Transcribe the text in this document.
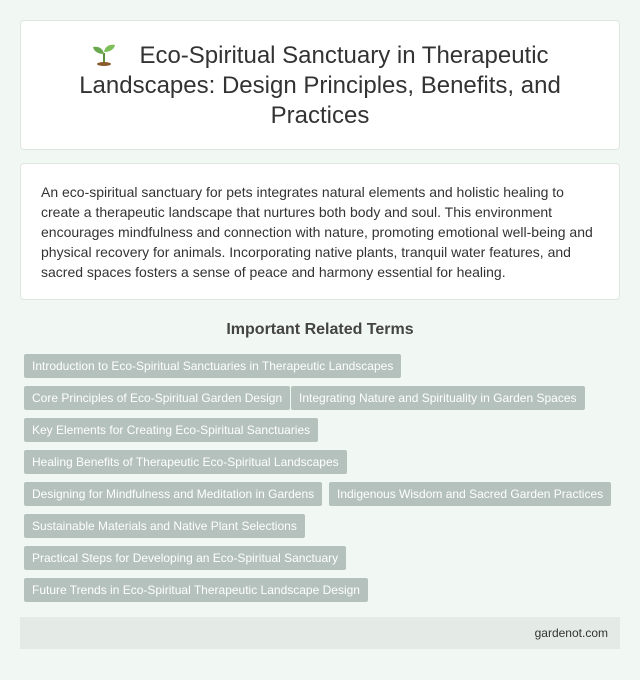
Eco-Spiritual Sanctuary in Therapeutic Landscapes: Design Principles, Benefits, and Practices

An eco-spiritual sanctuary for pets integrates natural elements and holistic healing to create a therapeutic landscape that nurtures both body and soul. This environment encourages mindfulness and connection with nature, promoting emotional well-being and physical recovery for animals. Incorporating native plants, tranquil water features, and sacred spaces fosters a sense of peace and harmony essential for healing.

Important Related Terms
Introduction to Eco-Spiritual Sanctuaries in Therapeutic Landscapes
Core Principles of Eco-Spiritual Garden Design	Integrating Nature and Spirituality in Garden Spaces
Key Elements for Creating Eco-Spiritual Sanctuaries
Healing Benefits of Therapeutic Eco-Spiritual Landscapes
Designing for Mindfulness and Meditation in Gardens	Indigenous Wisdom and Sacred Garden Practices
Sustainable Materials and Native Plant Selections
Practical Steps for Developing an Eco-Spiritual Sanctuary
Future Trends in Eco-Spiritual Therapeutic Landscape Design
gardenot.com
